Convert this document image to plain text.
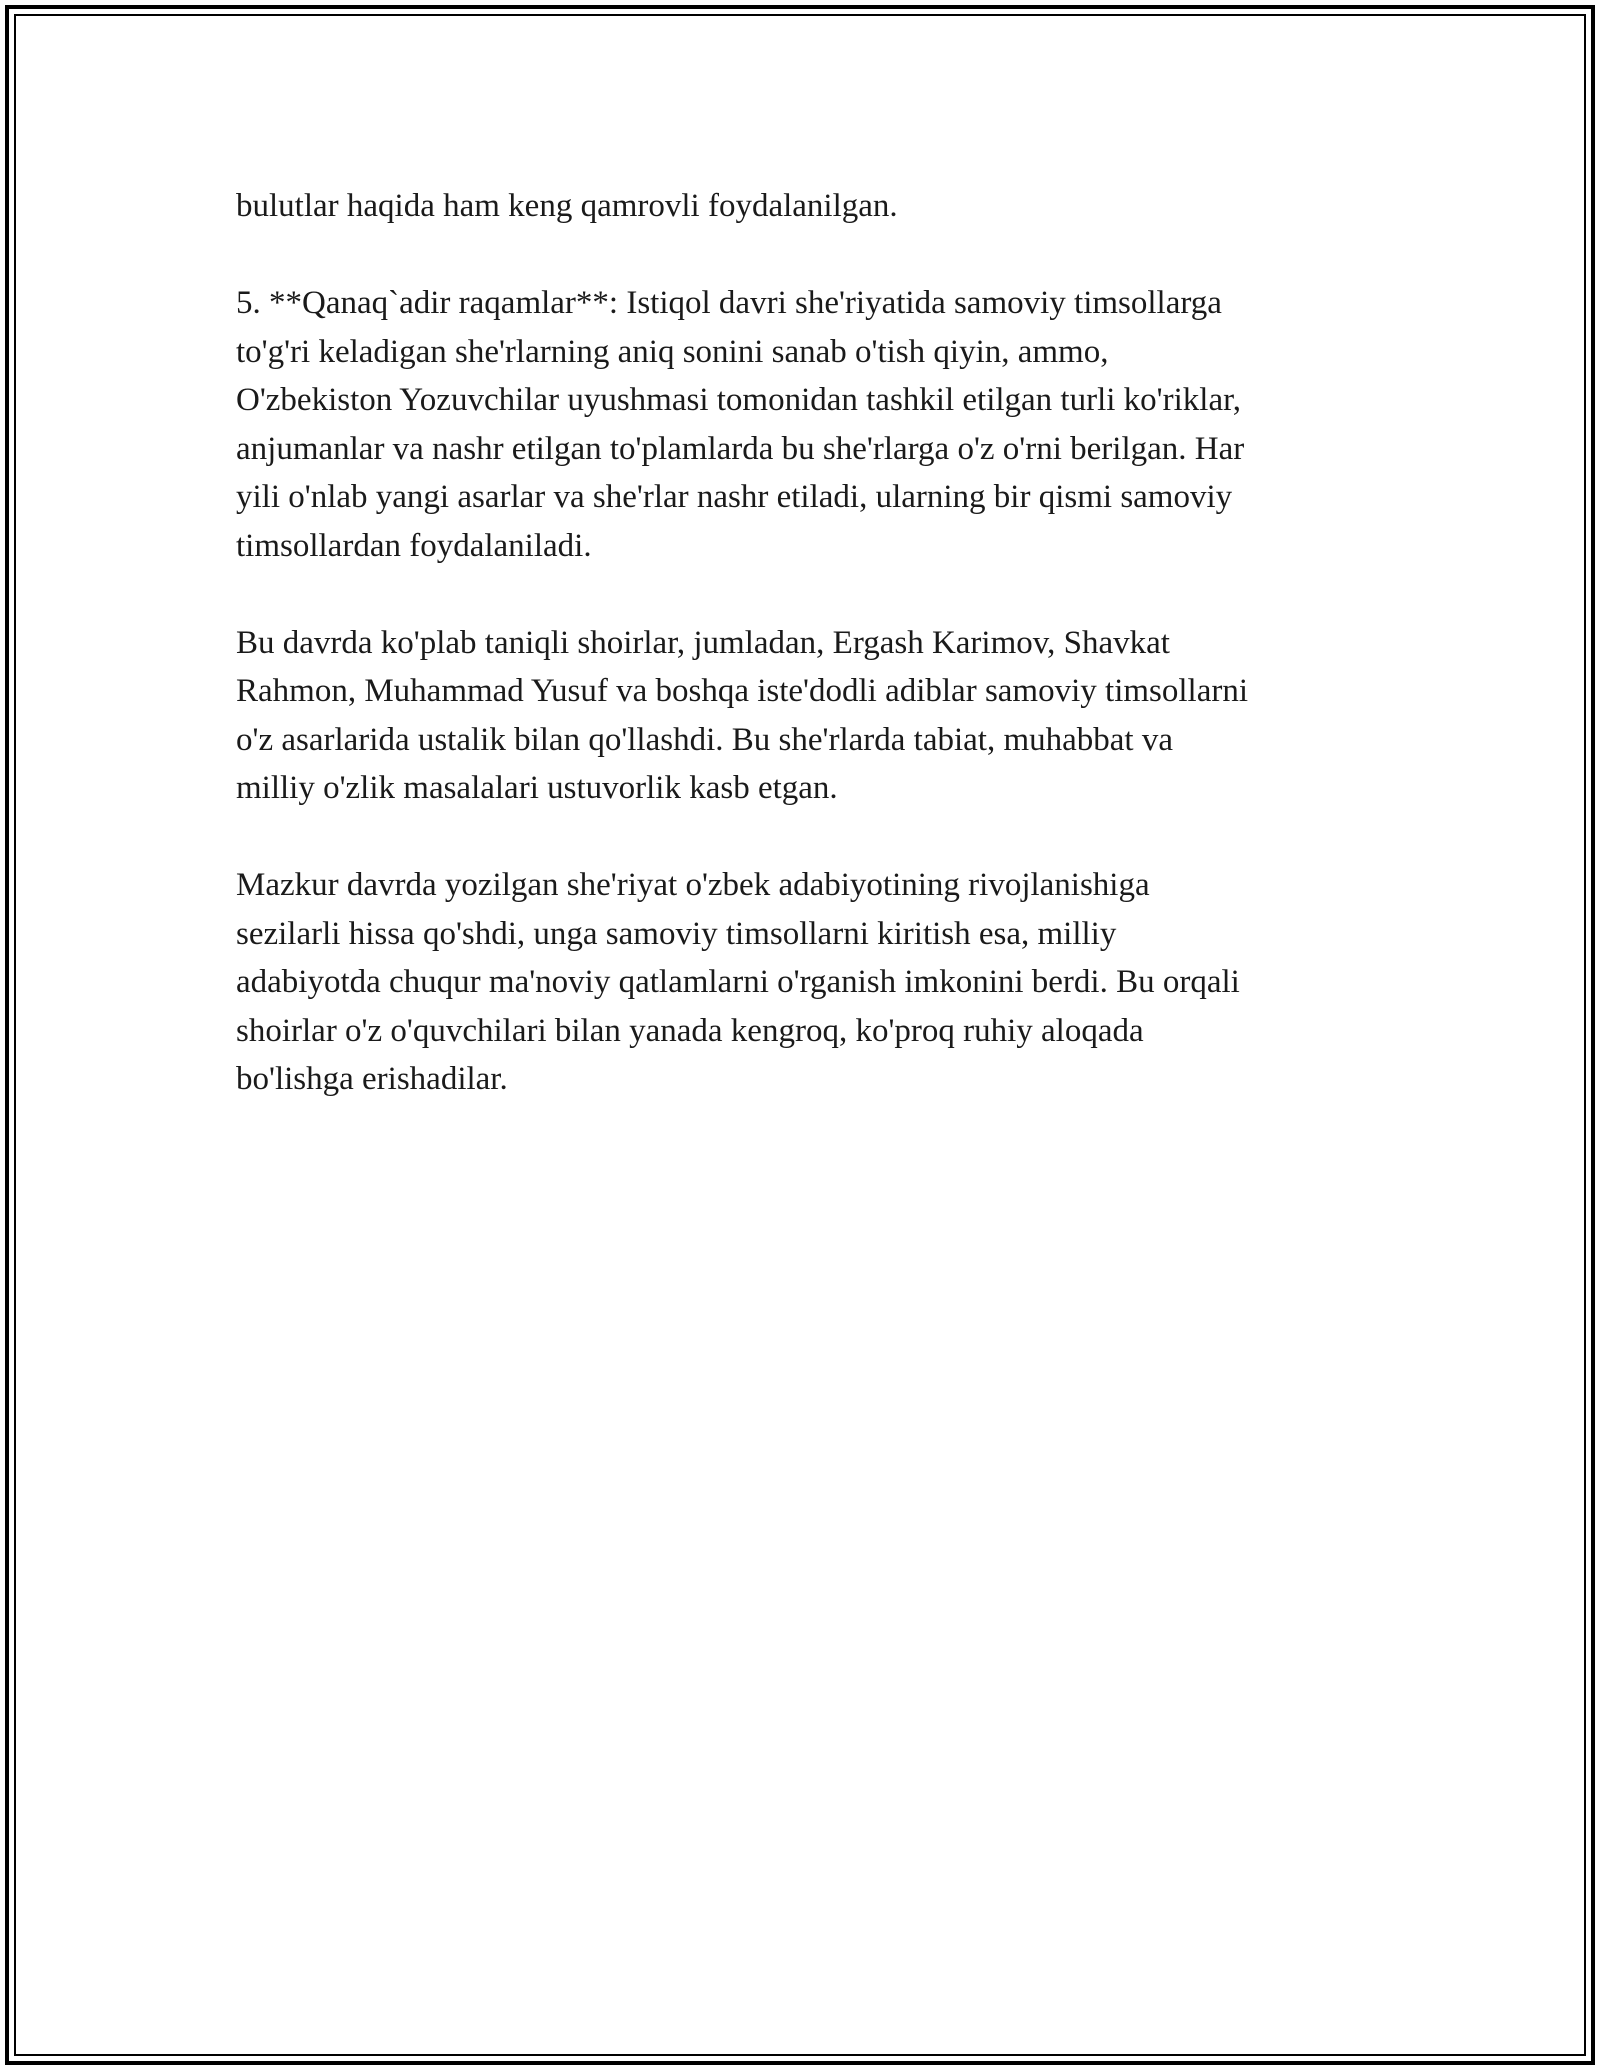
bulutlar haqida ham keng qamrovli foydalanilgan.

5. **Qanaq`adir raqamlar**: Istiqol davri she'riyatida samoviy timsollarga
to'g'ri keladigan she'rlarning aniq sonini sanab o'tish qiyin, ammo,
O'zbekiston Yozuvchilar uyushmasi tomonidan tashkil etilgan turli ko'riklar,
anjumanlar va nashr etilgan to'plamlarda bu she'rlarga o'z o'rni berilgan. Har
yili o'nlab yangi asarlar va she'rlar nashr etiladi, ularning bir qismi samoviy
timsollardan foydalaniladi.

Bu davrda ko'plab taniqli shoirlar, jumladan, Ergash Karimov, Shavkat
Rahmon, Muhammad Yusuf va boshqa iste'dodli adiblar samoviy timsollarni
o'z asarlarida ustalik bilan qo'llashdi. Bu she'rlarda tabiat, muhabbat va
milliy o'zlik masalalari ustuvorlik kasb etgan.

Mazkur davrda yozilgan she'riyat o'zbek adabiyotining rivojlanishiga
sezilarli hissa qo'shdi, unga samoviy timsollarni kiritish esa, milliy
adabiyotda chuqur ma'noviy qatlamlarni o'rganish imkonini berdi. Bu orqali
shoirlar o'z o'quvchilari bilan yanada kengroq, ko'proq ruhiy aloqada
bo'lishga erishadilar.
